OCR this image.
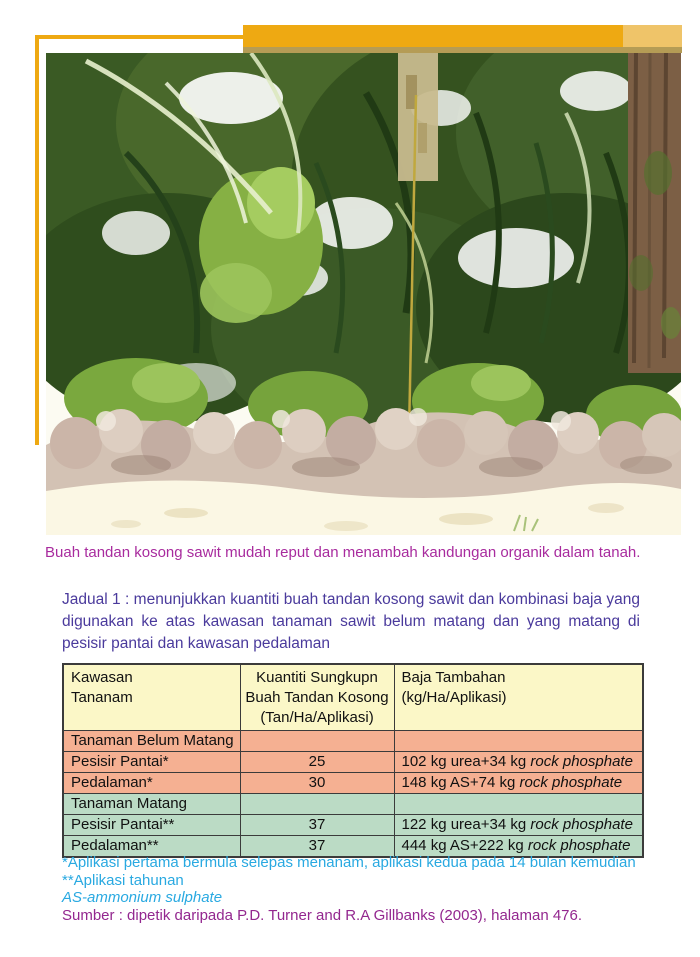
Buah tandan kosong sawit mudah reput dan menambah kandungan organik dalam tanah.
Jadual 1 : menunjukkan kuantiti buah tandan kosong sawit dan kombinasi baja yang digunakan ke atas kawasan tanaman sawit belum matang dan yang matang di pesisir pantai dan kawasan pedalaman
Kawasan
Tananam

Kuantiti Sungkupn
Buah Tandan Kosong
(Tan/Ha/Aplikasi)

Baja Tambahan
(kg/Ha/Aplikasi)

Tanaman Belum Matang		
Pesisir Pantai*	25	102 kg urea+34 kg rock phosphate
Pedalaman*	30	148 kg AS+74 kg rock phosphate
Tanaman Matang		
Pesisir Pantai**	37	122 kg urea+34 kg rock phosphate
Pedalaman**	37	444 kg AS+222 kg rock phosphate
*Aplikasi pertama bermula selepas menanam, aplikasi kedua pada 14 bulan kemudian
**Aplikasi tahunan
AS-ammonium sulphate
Sumber : dipetik daripada P.D. Turner and R.A Gillbanks (2003), halaman 476.
